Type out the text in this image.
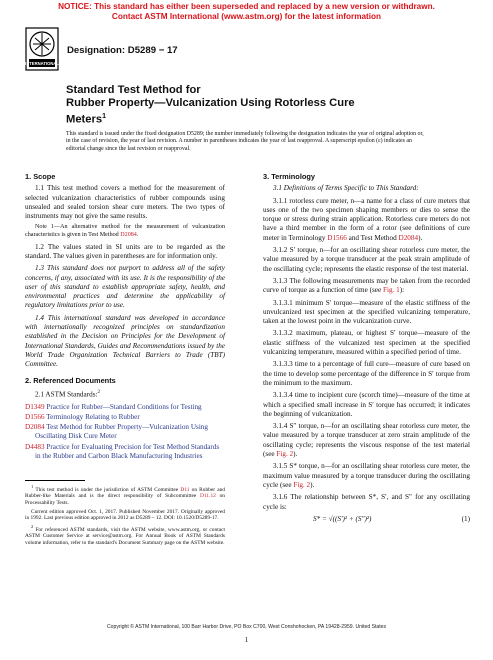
NOTICE: This standard has either been superseded and replaced by a new version or withdrawn.
Contact ASTM International (www.astm.org) for the latest information
INTERNATIONAL
Designation: D5289 − 17
Standard Test Method for
Rubber Property—Vulcanization Using Rotorless Cure
Meters$^1$
This standard is issued under the fixed designation D5289; the number immediately following the designation indicates the year of original adoption or, in the case of revision, the year of last revision. A number in parentheses indicates the year of last reapproval. A superscript epsilon (ε) indicates an editorial change since the last revision or reapproval.
1. Scope

1.1 This test method covers a method for the measurement of selected vulcanization characteristics of rubber compounds using unsealed and sealed torsion shear cure meters. The two types of instruments may not give the same results.

Note 1—An alternative method for the measurement of vulcanization characteristics is given in Test Method D2084.

1.2 The values stated in SI units are to be regarded as the standard. The values given in parentheses are for information only.

1.3 This standard does not purport to address all of the safety concerns, if any, associated with its use. It is the responsibility of the user of this standard to establish appropriate safety, health, and environmental practices and determine the applicability of regulatory limitations prior to use.

1.4 This international standard was developed in accordance with internationally recognized principles on standardization established in the Decision on Principles for the Development of International Standards, Guides and Recommendations issued by the World Trade Organization Technical Barriers to Trade (TBT) Committee.

2. Referenced Documents

2.1 ASTM Standards:$^2$

D1349 Practice for Rubber—Standard Conditions for Testing
D1566 Terminology Relating to Rubber
D2084 Test Method for Rubber Property—Vulcanization Using Oscillating Disk Cure Meter
D4483 Practice for Evaluating Precision for Test Method Standards in the Rubber and Carbon Black Manufacturing Industries

$^1$ This test method is under the jurisdiction of ASTM Committee D11 on Rubber and Rubber-like Materials and is the direct responsibility of Subcommittee D11.12 on Processability Tests.

Current edition approved Oct. 1, 2017. Published November 2017. Originally approved in 1992. Last previous edition approved in 2012 as D5289 – 12. DOI: 10.1520/D5289-17.

$^2$ For referenced ASTM standards, visit the ASTM website, www.astm.org, or contact ASTM Customer Service at service@astm.org. For Annual Book of ASTM Standards volume information, refer to the standard's Document Summary page on the ASTM website.

3. Terminology

3.1 Definitions of Terms Specific to This Standard:

3.1.1 rotorless cure meter, n—a name for a class of cure meters that uses one of the two specimen shaping members or dies to sense the torque or stress during strain application. Rotorless cure meters do not have a third member in the form of a rotor (see definitions of cure meter in Terminology D1566 and Test Method D2084).

3.1.2 S′ torque, n—for an oscillating shear rotorless cure meter, the value measured by a torque transducer at the peak strain amplitude of the oscillating cycle; represents the elastic response of the test material.

3.1.3 The following measurements may be taken from the recorded curve of torque as a function of time (see Fig. 1):

3.1.3.1 minimum S′ torque—measure of the elastic stiffness of the unvulcanized test specimen at the specified vulcanizing temperature, taken at the lowest point in the vulcanization curve.

3.1.3.2 maximum, plateau, or highest S′ torque—measure of the elastic stiffness of the vulcanized test specimen at the specified vulcanizing temperature, measured within a specified period of time.

3.1.3.3 time to a percentage of full cure—measure of cure based on the time to develop some percentage of the difference in S′ torque from the minimum to the maximum.

3.1.3.4 time to incipient cure (scorch time)—measure of the time at which a specified small increase in S′ torque has occurred; it indicates the beginning of vulcanization.

3.1.4 S″ torque, n—for an oscillating shear rotorless cure meter, the value measured by a torque transducer at zero strain amplitude of the oscillating cycle; represents the viscous response of the test material (see Fig. 2).

3.1.5 S* torque, n—for an oscillating shear rotorless cure meter, the maximum value measured by a torque transducer during the oscillating cycle (see Fig. 2).

3.1.6 The relationship between S*, S′, and S″ for any oscillating cycle is:

S* = √((S′)² + (S″)²)	(1)
Copyright © ASTM International, 100 Barr Harbor Drive, PO Box C700, West Conshohocken, PA 19428-2959. United States
1
